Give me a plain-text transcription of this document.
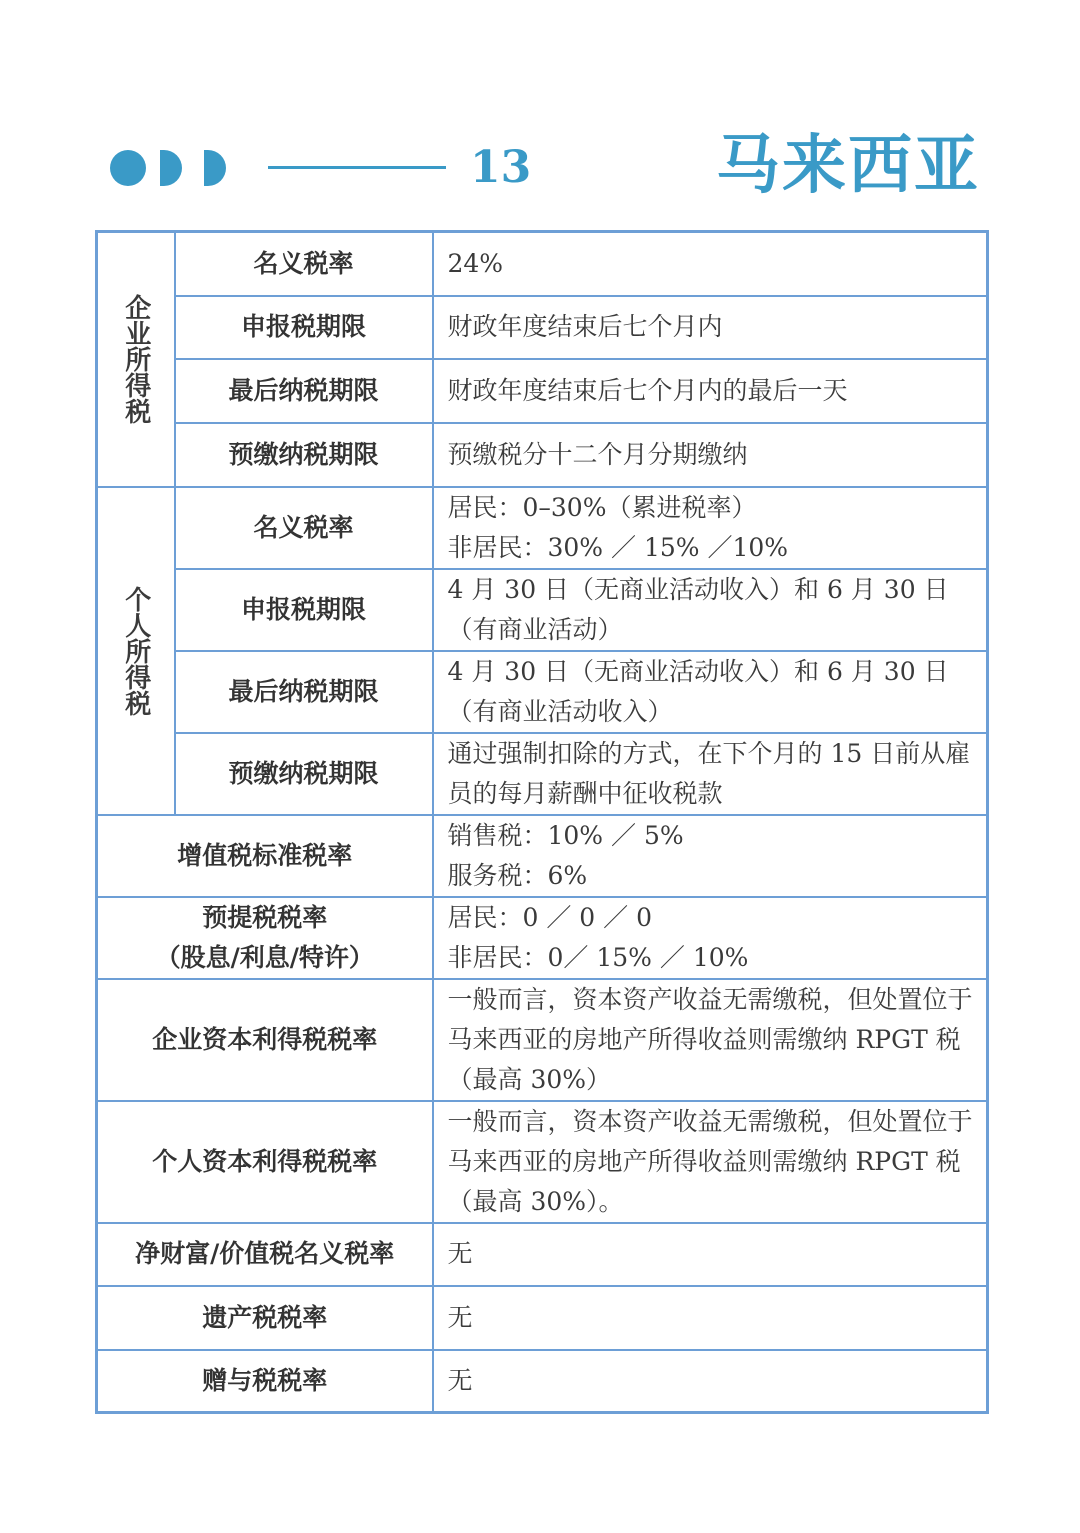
13	马来西亚
企业所得税	名义税率	24%

	申报税期限	财政年度结束后七个月内

	最后纳税期限	财政年度结束后七个月内的最后一天

	预缴纳税期限	预缴税分十二个月分期缴纳

个人所得税	名义税率	居民：0–30%（累进税率）
非居民：30% ／ 15% ／10%

	申报税期限	4 月 30 日（无商业活动收入）和 6 月 30 日（有商业活动）

	最后纳税期限	4 月 30 日（无商业活动收入）和 6 月 30 日（有商业活动收入）

	预缴纳税期限	通过强制扣除的方式，在下个月的 15 日前从雇员的每月薪酬中征收税款

增值税标准税率		销售税：10% ／ 5%
服务税：6%

预提税税率
（股息/利息/特许）		居民：0 ／ 0 ／ 0
非居民：0／ 15% ／ 10%

企业资本利得税税率		一般而言，资本资产收益无需缴税，但处置位于马来西亚的房地产所得收益则需缴纳 RPGT 税（最高 30%）

个人资本利得税税率		一般而言，资本资产收益无需缴税，但处置位于马来西亚的房地产所得收益则需缴纳 RPGT 税（最高 30%）。

净财富/价值税名义税率		无

遗产税税率		无

赠与税税率		无
